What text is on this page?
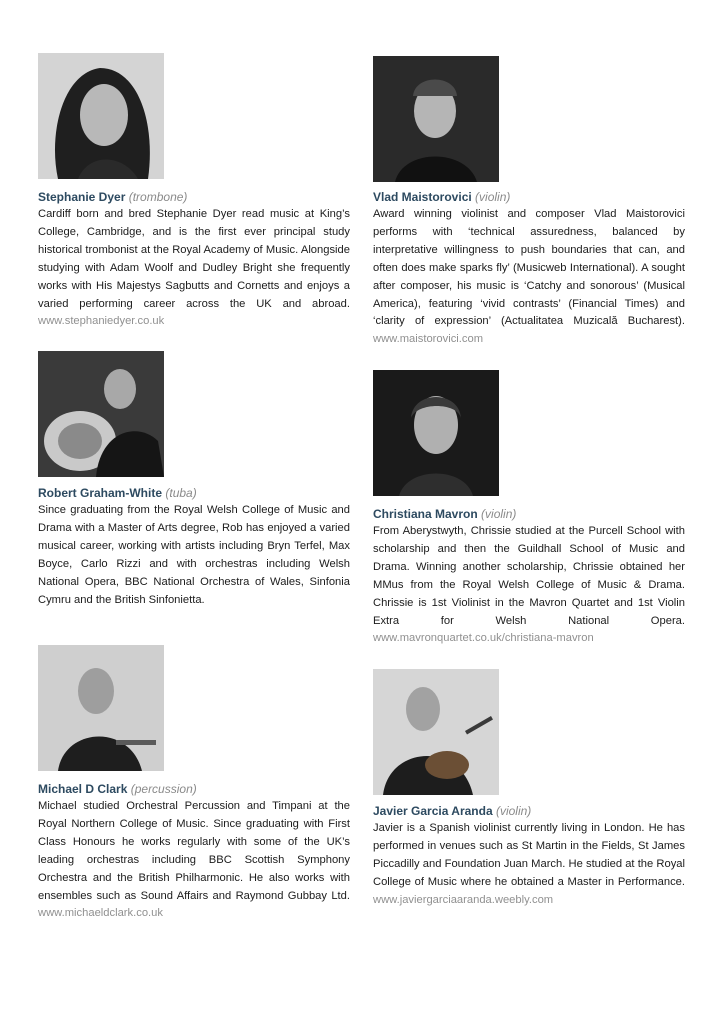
Stephanie Dyer (trombone)

Cardiff born and bred Stephanie Dyer read music at King’s College, Cambridge, and is the first ever principal study historical trombonist at the Royal Academy of Music. Alongside studying with Adam Woolf and Dudley Bright she frequently works with His Majestys Sagbutts and Cornetts and enjoys a varied performing career across the UK and abroad. www.stephaniedyer.co.uk

Robert Graham-White (tuba)

Since graduating from the Royal Welsh College of Music and Drama with a Master of Arts degree, Rob has enjoyed a varied musical career, working with artists including Bryn Terfel, Max Boyce, Carlo Rizzi and with orchestras including Welsh National Opera, BBC National Orchestra of Wales, Sinfonia Cymru and the British Sinfonietta.

Michael D Clark (percussion)

Michael studied Orchestral Percussion and Timpani at the Royal Northern College of Music. Since graduating with First Class Honours he works regularly with some of the UK’s leading orchestras including BBC Scottish Symphony Orchestra and the British Philharmonic. He also works with ensembles such as Sound Affairs and Raymond Gubbay Ltd. www.michaeldclark.co.uk

Vlad Maistorovici (violin)

Award winning violinist and composer Vlad Maistorovici performs with ‘technical assuredness, balanced by interpretative willingness to push boundaries that can, and often does make sparks fly’ (Musicweb International). A sought after composer, his music is ‘Catchy and sonorous’ (Musical America), featuring ‘vivid contrasts’ (Financial Times) and ‘clarity of expression’ (Actualitatea Muzicală Bucharest). www.maistorovici.com

Christiana Mavron (violin)

From Aberystwyth, Chrissie studied at the Purcell School with scholarship and then the Guildhall School of Music and Drama. Winning another scholarship, Chrissie obtained her MMus from the Royal Welsh College of Music & Drama. Chrissie is 1st Violinist in the Mavron Quartet and 1st Violin Extra for Welsh National Opera. www.mavronquartet.co.uk/christiana-mavron

Javier Garcia Aranda (violin)

Javier is a Spanish violinist currently living in London. He has performed in venues such as St Martin in the Fields, St James Piccadilly and Foundation Juan March. He studied at the Royal College of Music where he obtained a Master in Performance. www.javiergarciaaranda.weebly.com
